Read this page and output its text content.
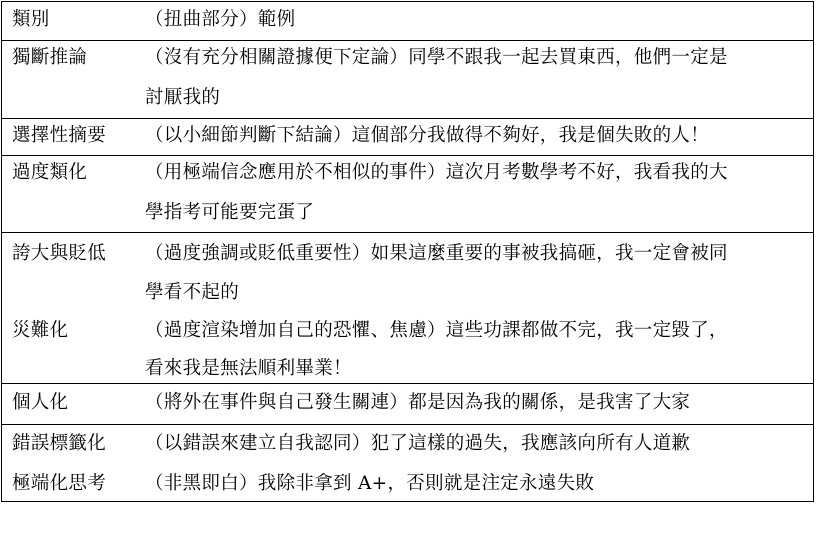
類別	（扭曲部分）範例
獨斷推論	（沒有充分相關證據便下定論）同學不跟我一起去買東西，他們一定是
討厭我的
選擇性摘要 （以小細節判斷下結論）這個部分我做得不夠好，我是個失敗的人！
過度類化	（用極端信念應用於不相似的事件）這次月考數學考不好，我看我的大
學指考可能要完蛋了
誇大與貶低 （過度強調或貶低重要性）如果這麼重要的事被我搞砸，我一定會被同
學看不起的
災難化	（過度渲染增加自己的恐懼、焦慮）這些功課都做不完，我一定毀了，
看來我是無法順利畢業！
個人化	（將外在事件與自己發生關連）都是因為我的關係，是我害了大家
錯誤標籤化 （以錯誤來建立自我認同）犯了這樣的過失，我應該向所有人道歉
極端化思考 （非黑即白）我除非拿到 A+，否則就是注定永遠失敗
